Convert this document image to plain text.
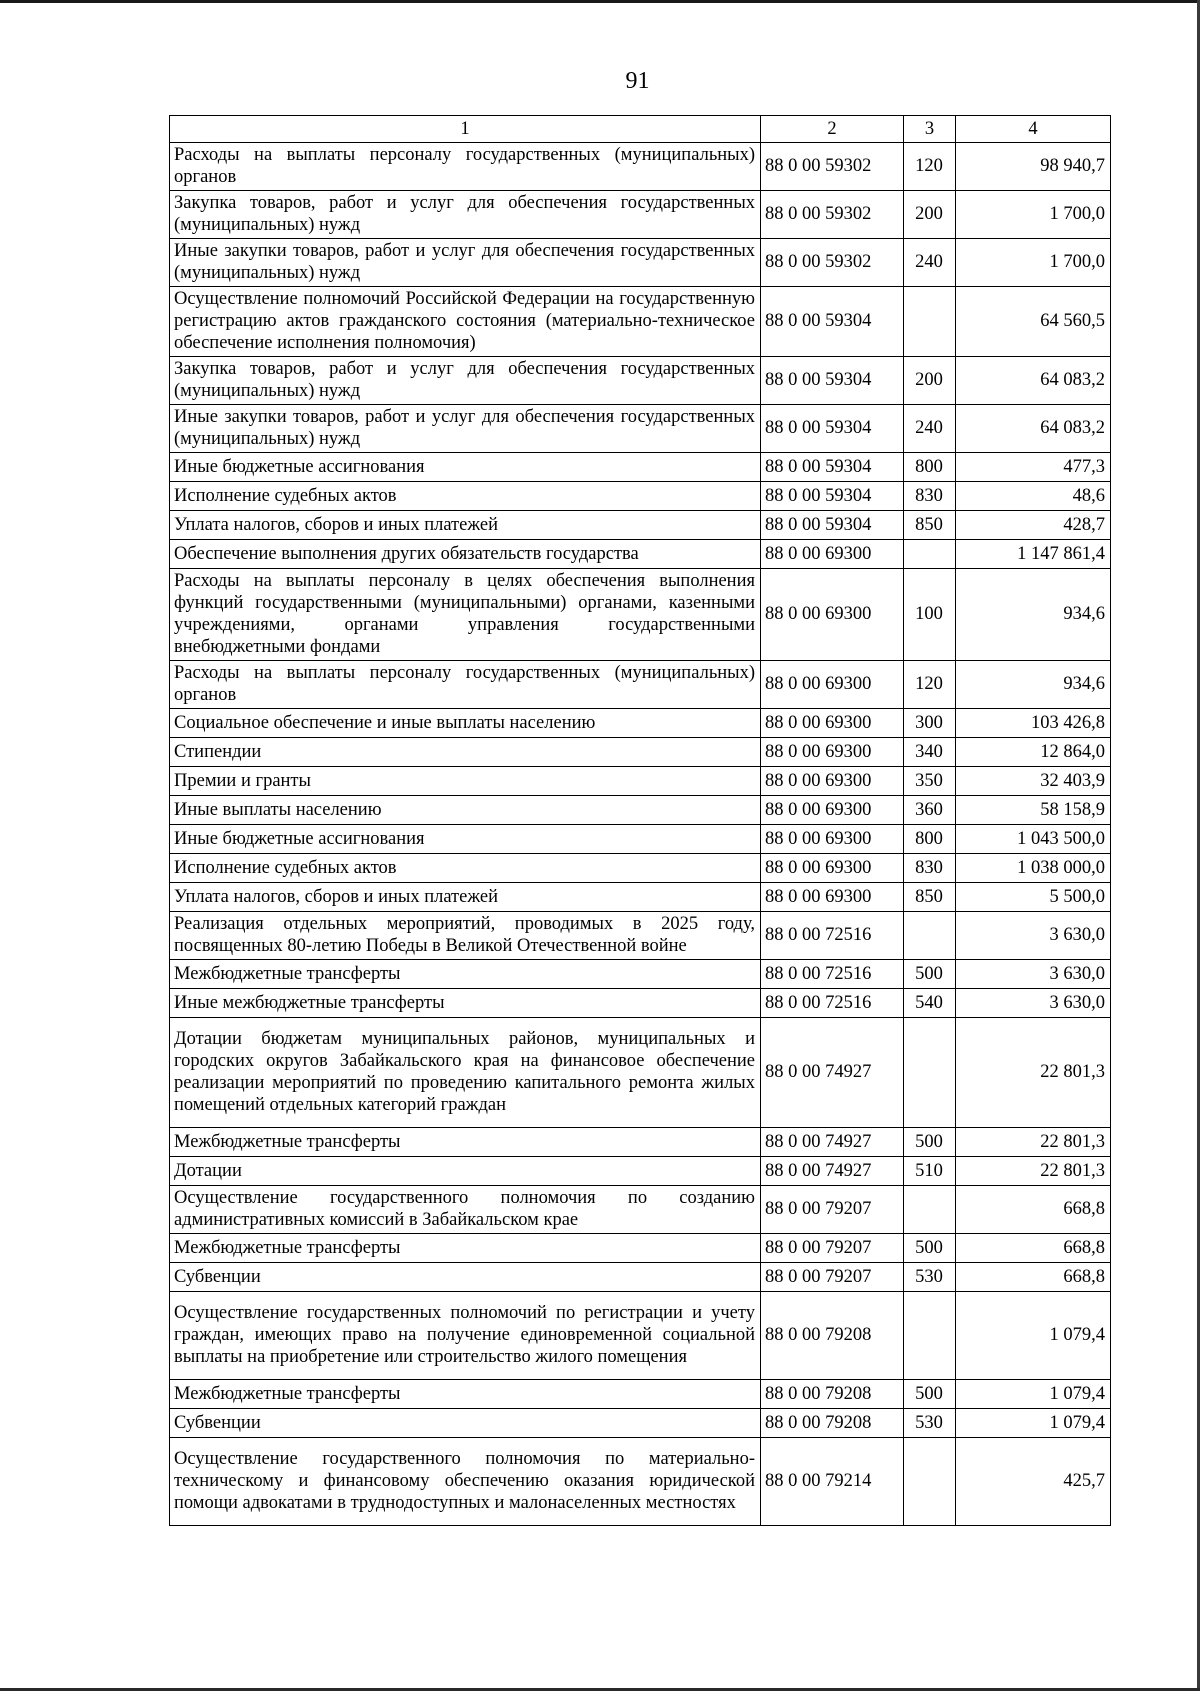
91
1	2	3	4
Расходы на выплаты персоналу государственных (муниципальных) органов	88 0 00 59302	120	98 940,7
Закупка товаров, работ и услуг для обеспечения государственных (муниципальных) нужд	88 0 00 59302	200	1 700,0
Иные закупки товаров, работ и услуг для обеспечения государственных (муниципальных) нужд	88 0 00 59302	240	1 700,0
Осуществление полномочий Российской Федерации на государственную регистрацию актов гражданского состояния (материально-техническое обеспечение исполнения полномочия)	88 0 00 59304		64 560,5
Закупка товаров, работ и услуг для обеспечения государственных (муниципальных) нужд	88 0 00 59304	200	64 083,2
Иные закупки товаров, работ и услуг для обеспечения государственных (муниципальных) нужд	88 0 00 59304	240	64 083,2
Иные бюджетные ассигнования	88 0 00 59304	800	477,3
Исполнение судебных актов	88 0 00 59304	830	48,6
Уплата налогов, сборов и иных платежей	88 0 00 59304	850	428,7
Обеспечение выполнения других обязательств государства	88 0 00 69300		1 147 861,4
Расходы на выплаты персоналу в целях обеспечения выполнения функций государственными (муниципальными) органами, казенными учреждениями, органами управления государственными внебюджетными фондами	88 0 00 69300	100	934,6
Расходы на выплаты персоналу государственных (муниципальных) органов	88 0 00 69300	120	934,6
Социальное обеспечение и иные выплаты населению	88 0 00 69300	300	103 426,8
Стипендии	88 0 00 69300	340	12 864,0
Премии и гранты	88 0 00 69300	350	32 403,9
Иные выплаты населению	88 0 00 69300	360	58 158,9
Иные бюджетные ассигнования	88 0 00 69300	800	1 043 500,0
Исполнение судебных актов	88 0 00 69300	830	1 038 000,0
Уплата налогов, сборов и иных платежей	88 0 00 69300	850	5 500,0
Реализация отдельных мероприятий, проводимых в 2025 году, посвященных 80-летию Победы в Великой Отечественной войне	88 0 00 72516		3 630,0
Межбюджетные трансферты	88 0 00 72516	500	3 630,0
Иные межбюджетные трансферты	88 0 00 72516	540	3 630,0
Дотации бюджетам муниципальных районов, муниципальных и городских округов Забайкальского края на финансовое обеспечение реализации мероприятий по проведению капитального ремонта жилых помещений отдельных категорий граждан	88 0 00 74927		22 801,3
Межбюджетные трансферты	88 0 00 74927	500	22 801,3
Дотации	88 0 00 74927	510	22 801,3
Осуществление государственного полномочия по созданию административных комиссий в Забайкальском крае	88 0 00 79207		668,8
Межбюджетные трансферты	88 0 00 79207	500	668,8
Субвенции	88 0 00 79207	530	668,8
Осуществление государственных полномочий по регистрации и учету граждан, имеющих право на получение единовременной социальной выплаты на приобретение или строительство жилого помещения	88 0 00 79208		1 079,4
Межбюджетные трансферты	88 0 00 79208	500	1 079,4
Субвенции	88 0 00 79208	530	1 079,4
Осуществление государственного полномочия по материально-техническому и финансовому обеспечению оказания юридической помощи адвокатами в труднодоступных и малонаселенных местностях	88 0 00 79214		425,7
